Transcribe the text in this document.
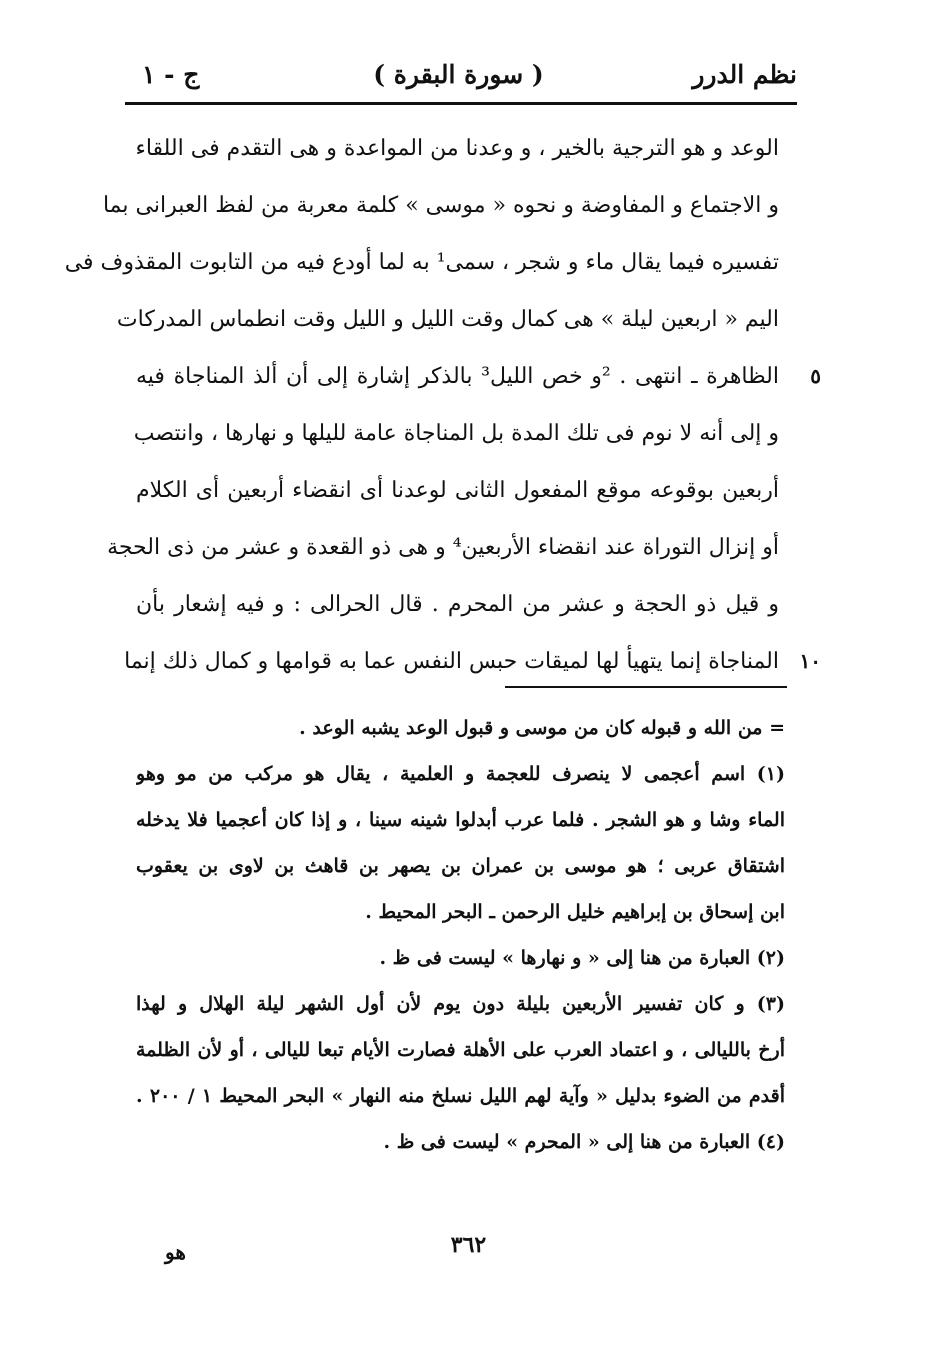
نظم الدرر
( سورة البقرة )
ج - ١
الوعد و هو الترجية بالخير ، و وعدنا من المواعدة و هى التقدم فى اللقاء
و الاجتماع و المفاوضة و نحوه « موسى » كلمة معربة من لفظ العبرانى بما
تفسيره فيما يقال ماء و شجر ، سمى¹ به لما أودع فيه من التابوت المقذوف فى
اليم « اربعين ليلة » هى كمال وقت الليل و الليل وقت انطماس المدركات
٥
الظاهرة ـ انتهى . ²و خص الليل³ بالذكر إشارة إلى أن ألذ المناجاة فيه
و إلى أنه لا نوم فى تلك المدة بل المناجاة عامة لليلها و نهارها ، وانتصب
أربعين بوقوعه موقع المفعول الثانى لوعدنا أى انقضاء أربعين أى الكلام
أو إنزال التوراة عند انقضاء الأربعين⁴ و هى ذو القعدة و عشر من ذى الحجة
و قيل ذو الحجة و عشر من المحرم . قال الحرالى : و فيه إشعار بأن
١٠
المناجاة إنما يتهيأ لها لميقات حبس النفس عما به قوامها و كمال ذلك إنما
= من الله و قبوله كان من موسى و قبول الوعد يشبه الوعد .
(١) اسم أعجمى لا ينصرف للعجمة و العلمية ، يقال هو مركب من مو وهو
الماء وشا و هو الشجر . فلما عرب أبدلوا شينه سينا ، و إذا كان أعجميا فلا يدخله
اشتقاق عربى ؛ هو موسى بن عمران بن يصهر بن قاهث بن لاوى بن يعقوب
ابن إسحاق بن إبراهيم خليل الرحمن ـ البحر المحيط .
(٢) العبارة من هنا إلى « و نهارها » ليست فى ظ .
(٣) و كان تفسير الأربعين بليلة دون يوم لأن أول الشهر ليلة الهلال و لهذا
أرخ بالليالى ، و اعتماد العرب على الأهلة فصارت الأيام تبعا لليالى ، أو لأن الظلمة
أقدم من الضوء بدليل « وآية لهم الليل نسلخ منه النهار » البحر المحيط ١ / ٢٠٠ .
(٤) العبارة من هنا إلى « المحرم » ليست فى ظ .
٣٦٢
هو
